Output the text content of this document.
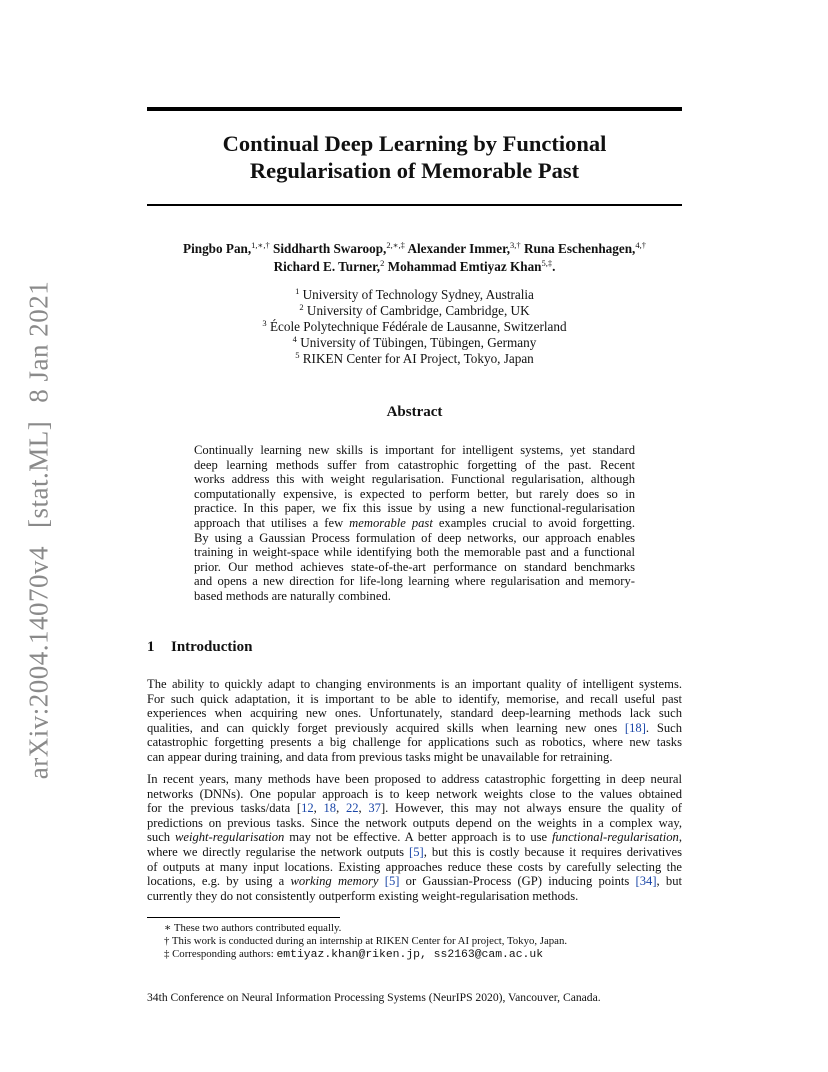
arXiv:2004.14070v4[stat.ML]8 Jan 2021
Continual Deep Learning by Functional
Regularisation of Memorable Past
Pingbo Pan,$^{1,∗,\dagger}$ Siddharth Swaroop,$^{2,∗,\ddagger}$ Alexander Immer,$^{3,\dagger}$ Runa Eschenhagen,$^{4,\dagger}$
Richard E. Turner,$^2$ Mohammad Emtiyaz Khan$^{5,\ddagger}$.
$^1$ University of Technology Sydney, Australia
$^2$ University of Cambridge, Cambridge, UK
$^3$ École Polytechnique Fédérale de Lausanne, Switzerland
$^4$ University of Tübingen, Tübingen, Germany
$^5$ RIKEN Center for AI Project, Tokyo, Japan
Abstract
Continually learning new skills is important for intelligent systems, yet standard
deep learning methods suffer from catastrophic forgetting of the past. Recent
works address this with weight regularisation. Functional regularisation, although
computationally expensive, is expected to perform better, but rarely does so in
practice. In this paper, we fix this issue by using a new functional-regularisation
approach that utilises a few memorable past examples crucial to avoid forgetting.
By using a Gaussian Process formulation of deep networks, our approach enables
training in weight-space while identifying both the memorable past and a functional
prior. Our method achieves state-of-the-art performance on standard benchmarks
and opens a new direction for life-long learning where regularisation and memory-
based methods are naturally combined.
1 Introduction
The ability to quickly adapt to changing environments is an important quality of intelligent systems.
For such quick adaptation, it is important to be able to identify, memorise, and recall useful past
experiences when acquiring new ones. Unfortunately, standard deep-learning methods lack such
qualities, and can quickly forget previously acquired skills when learning new ones [18]. Such
catastrophic forgetting presents a big challenge for applications such as robotics, where new tasks
can appear during training, and data from previous tasks might be unavailable for retraining.
In recent years, many methods have been proposed to address catastrophic forgetting in deep neural
networks (DNNs). One popular approach is to keep network weights close to the values obtained
for the previous tasks/data [12, 18, 22, 37]. However, this may not always ensure the quality of
predictions on previous tasks. Since the network outputs depend on the weights in a complex way,
such weight-regularisation may not be effective. A better approach is to use functional-regularisation,
where we directly regularise the network outputs [5], but this is costly because it requires derivatives
of outputs at many input locations. Existing approaches reduce these costs by carefully selecting the
locations, e.g. by using a working memory [5] or Gaussian-Process (GP) inducing points [34], but
currently they do not consistently outperform existing weight-regularisation methods.
∗ These two authors contributed equally.
† This work is conducted during an internship at RIKEN Center for AI project, Tokyo, Japan.
‡ Corresponding authors: emtiyaz.khan@riken.jp, ss2163@cam.ac.uk
34th Conference on Neural Information Processing Systems (NeurIPS 2020), Vancouver, Canada.
